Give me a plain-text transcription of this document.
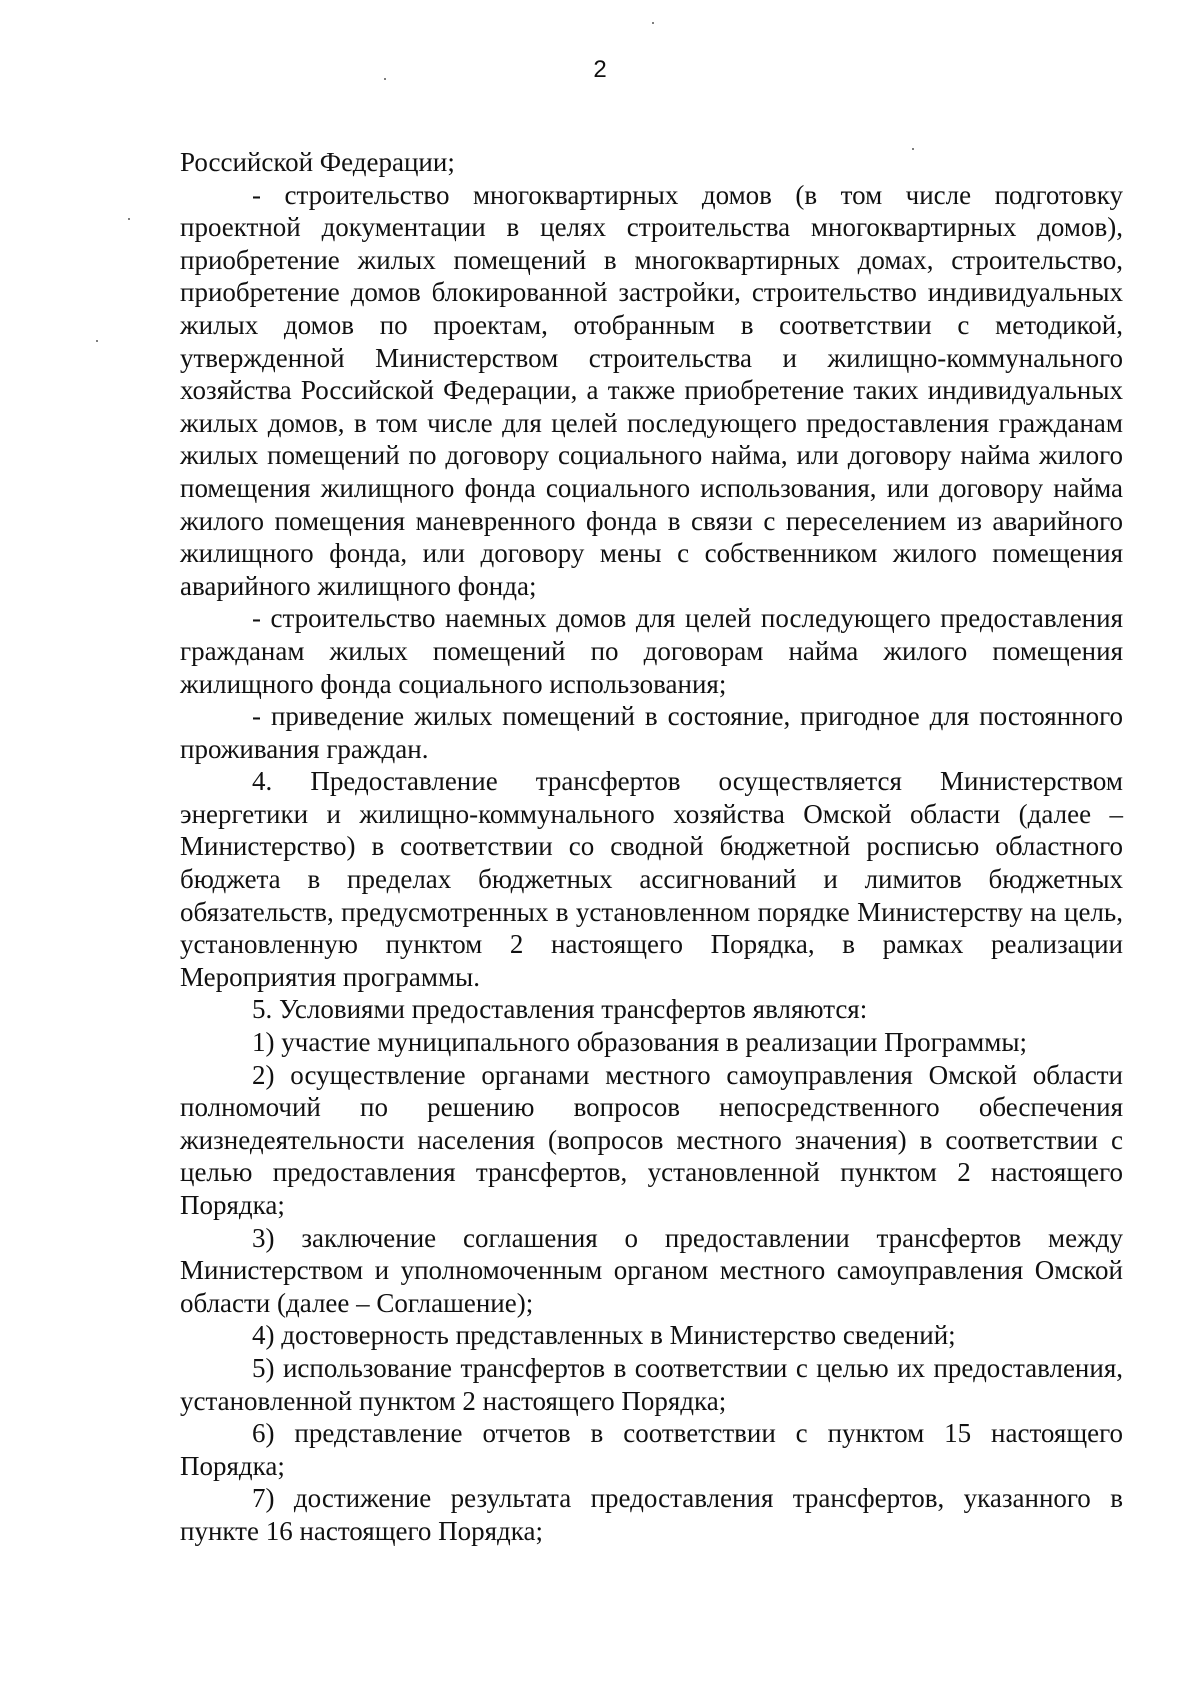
2

Российской Федерации;

- строительство многоквартирных домов (в том числе подготовку проектной документации в целях строительства многоквартирных домов), приобретение жилых помещений в многоквартирных домах, строительство, приобретение домов блокированной застройки, строительство индивидуальных жилых домов по проектам, отобранным в соответствии с методикой, утвержденной Министерством строительства и жилищно-коммунального хозяйства Российской Федерации, а также приобретение таких индивидуальных жилых домов, в том числе для целей последующего предоставления гражданам жилых помещений по договору социального найма, или договору найма жилого помещения жилищного фонда социального использования, или договору найма жилого помещения маневренного фонда в связи с переселением из аварийного жилищного фонда, или договору мены с собственником жилого помещения аварийного жилищного фонда;

- строительство наемных домов для целей последующего предоставления гражданам жилых помещений по договорам найма жилого помещения жилищного фонда социального использования;

- приведение жилых помещений в состояние, пригодное для постоянного проживания граждан.

4. Предоставление трансфертов осуществляется Министерством энергетики и жилищно-коммунального хозяйства Омской области (далее – Министерство) в соответствии со сводной бюджетной росписью областного бюджета в пределах бюджетных ассигнований и лимитов бюджетных обязательств, предусмотренных в установленном порядке Министерству на цель, установленную пунктом 2 настоящего Порядка, в рамках реализации Мероприятия программы.

5. Условиями предоставления трансфертов являются:

1) участие муниципального образования в реализации Программы;

2) осуществление органами местного самоуправления Омской области полномочий по решению вопросов непосредственного обеспечения жизнедеятельности населения (вопросов местного значения) в соответствии с целью предоставления трансфертов, установленной пунктом 2 настоящего Порядка;

3) заключение соглашения о предоставлении трансфертов между Министерством и уполномоченным органом местного самоуправления Омской области (далее – Соглашение);

4) достоверность представленных в Министерство сведений;

5) использование трансфертов в соответствии с целью их предоставления, установленной пунктом 2 настоящего Порядка;

6) представление отчетов в соответствии с пунктом 15 настоящего Порядка;

7) достижение результата предоставления трансфертов, указанного в пункте 16 настоящего Порядка;
